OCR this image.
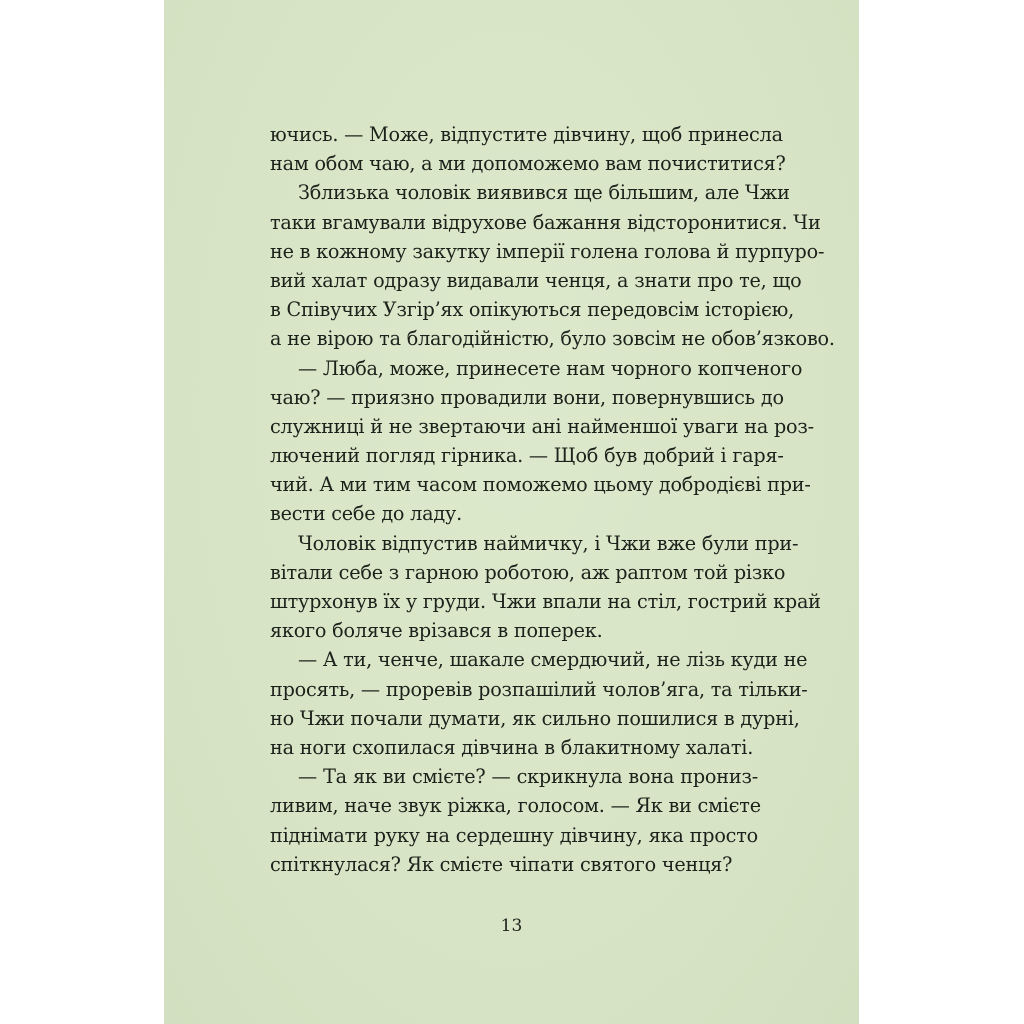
ючись. — Може, відпустите дівчину, щоб принесла
нам обом чаю, а ми допоможемо вам почиститися?
Зблизька чоловік виявився ще більшим, але Чжи
таки вгамували відрухове бажання відсторонитися. Чи
не в кожному закутку імперії голена голова й пурпуро-
вий халат одразу видавали ченця, а знати про те, що
в Співучих Узгір’ях опікуються передовсім історією,
а не вірою та благодійністю, було зовсім не обов’язково.
— Люба, може, принесете нам чорного копченого
чаю? — приязно провадили вони, повернувшись до
служниці й не звертаючи ані найменшої уваги на роз-
лючений погляд гірника. — Щоб був добрий і гаря-
чий. А ми тим часом поможемо цьому добродієві при-
вести себе до ладу.
Чоловік відпустив наймичку, і Чжи вже були при-
вітали себе з гарною роботою, аж раптом той різко
штурхонув їх у груди. Чжи впали на стіл, гострий край
якого боляче врізався в поперек.
— А ти, ченче, шакале смердючий, не лізь куди не
просять, — проревів розпашілий чолов’яга, та тільки-
но Чжи почали думати, як сильно пошилися в дурні,
на ноги схопилася дівчина в блакитному халаті.
— Та як ви смієте? — скрикнула вона прониз-
ливим, наче звук ріжка, голосом. — Як ви смієте
піднімати руку на сердешну дівчину, яка просто
спіткнулася? Як смієте чіпати святого ченця?
13
